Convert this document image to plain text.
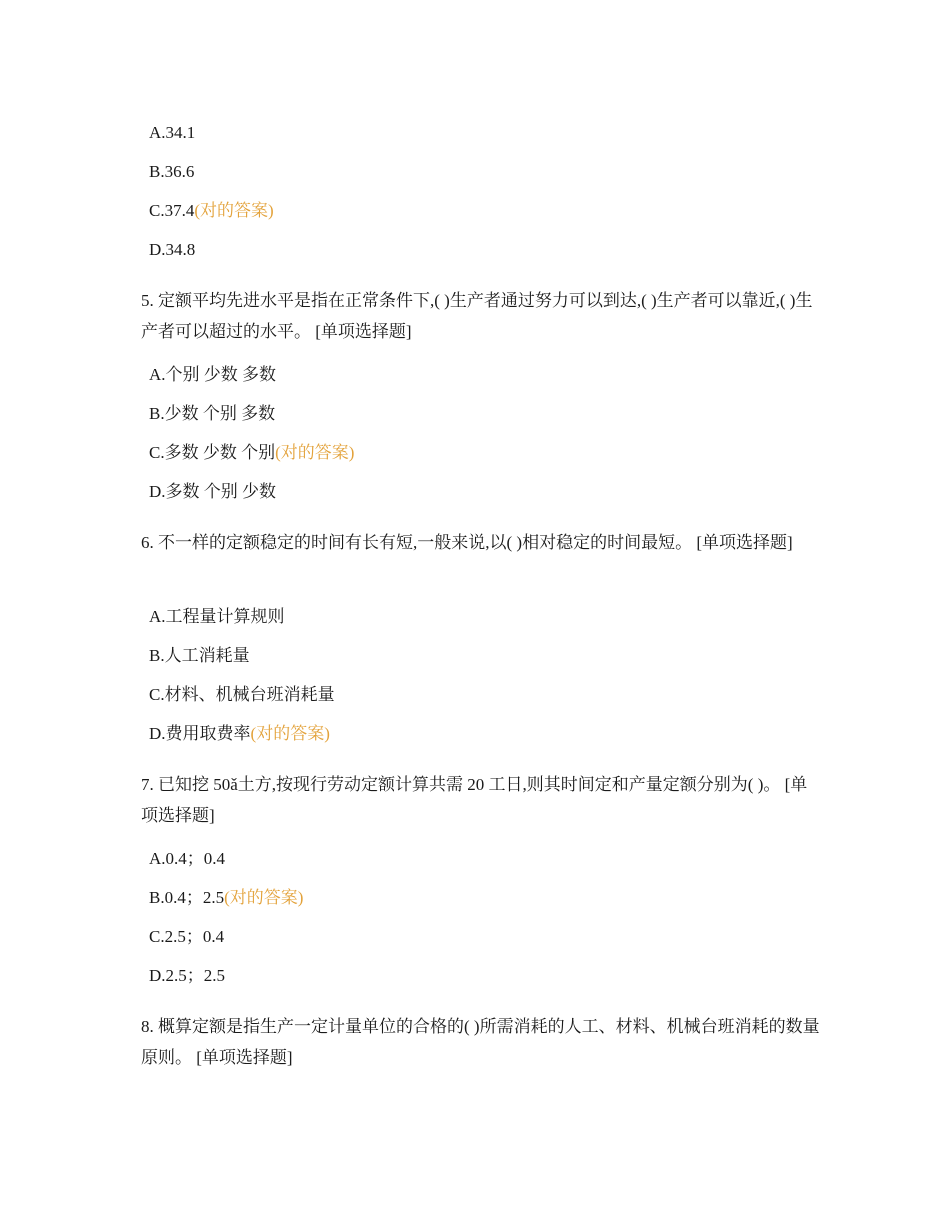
A.34.1
B.36.6
C.37.4(对的答案)
D.34.8
5. 定额平均先进水平是指在正常条件下,( )生产者通过努力可以到达,( )生产者可以靠近,( )生产者可以超过的水平。 [单项选择题]
A.个别 少数 多数
B.少数 个别 多数
C.多数 少数 个别(对的答案)
D.多数 个别 少数
6. 不一样的定额稳定的时间有长有短,一般来说,以( )相对稳定的时间最短。 [单项选择题]
A.工程量计算规则
B.人工消耗量
C.材料、机械台班消耗量
D.费用取费率(对的答案)
7. 已知挖 50ǎ土方,按现行劳动定额计算共需 20 工日,则其时间定和产量定额分别为( )。 [单项选择题]
A.0.4；0.4
B.0.4；2.5(对的答案)
C.2.5；0.4
D.2.5；2.5
8. 概算定额是指生产一定计量单位的合格的( )所需消耗的人工、材料、机械台班消耗的数量原则。 [单项选择题]
